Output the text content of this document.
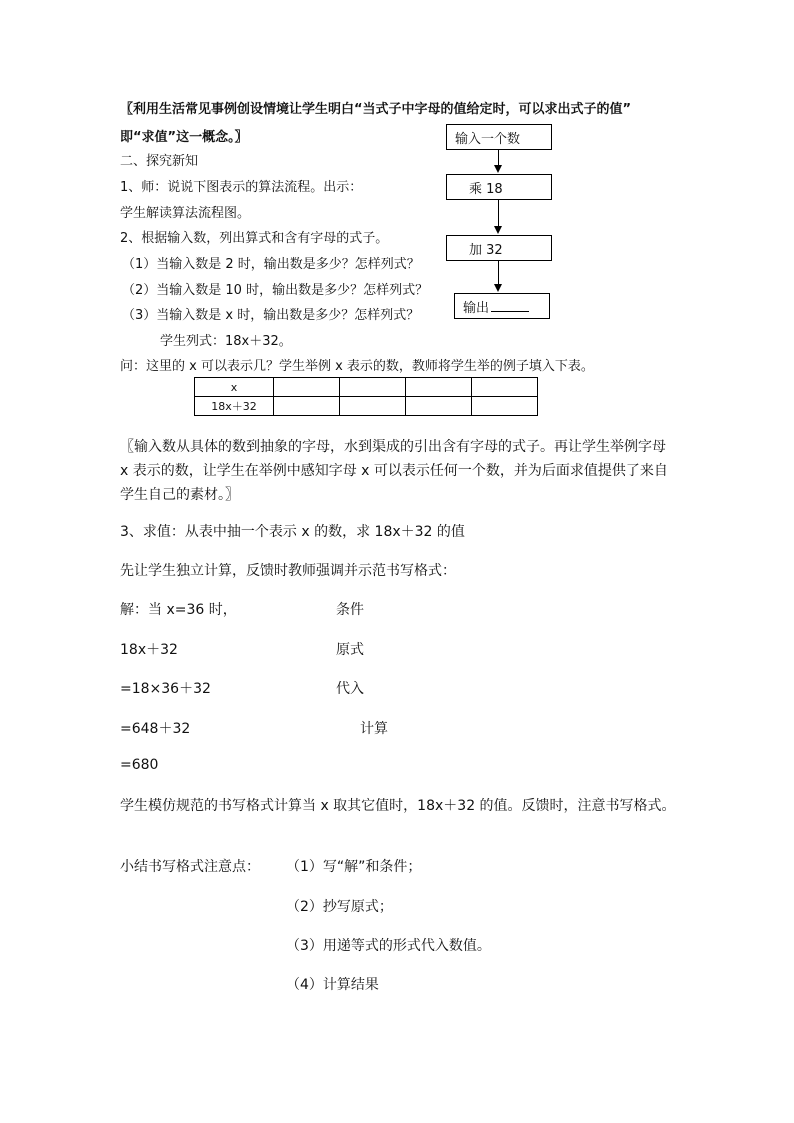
〖利用生活常见事例创设情境让学生明白“当式子中字母的值给定时，可以求出式子的值”
即“求值”这一概念。〗
二、探究新知
1、师：说说下图表示的算法流程。出示：
学生解读算法流程图。
2、根据输入数，列出算式和含有字母的式子。
（1）当输入数是 2 时，输出数是多少？怎样列式？
（2）当输入数是 10 时，输出数是多少？怎样列式？
（3）当输入数是 x 时，输出数是多少？怎样列式？
学生列式：18x＋32。
问：这里的 x 可以表示几？学生举例 x 表示的数，教师将学生举的例子填入下表。
输入一个数
乘 18
加 32
输出
x				
18x＋32				
〖输入数从具体的数到抽象的字母，水到渠成的引出含有字母的式子。再让学生举例字母 x 表示的数，让学生在举例中感知字母 x 可以表示任何一个数，并为后面求值提供了来自学生自己的素材。〗
3、求值：从表中抽一个表示 x 的数，求 18x＋32 的值
先让学生独立计算，反馈时教师强调并示范书写格式：
解：当 x=36 时，	条件
18x＋32	原式
=18×36＋32	代入
=648＋32	计算
=680
学生模仿规范的书写格式计算当 x 取其它值时，18x＋32 的值。反馈时，注意书写格式。
小结书写格式注意点： （1）写“解”和条件；
（2）抄写原式；
（3）用递等式的形式代入数值。
（4）计算结果
